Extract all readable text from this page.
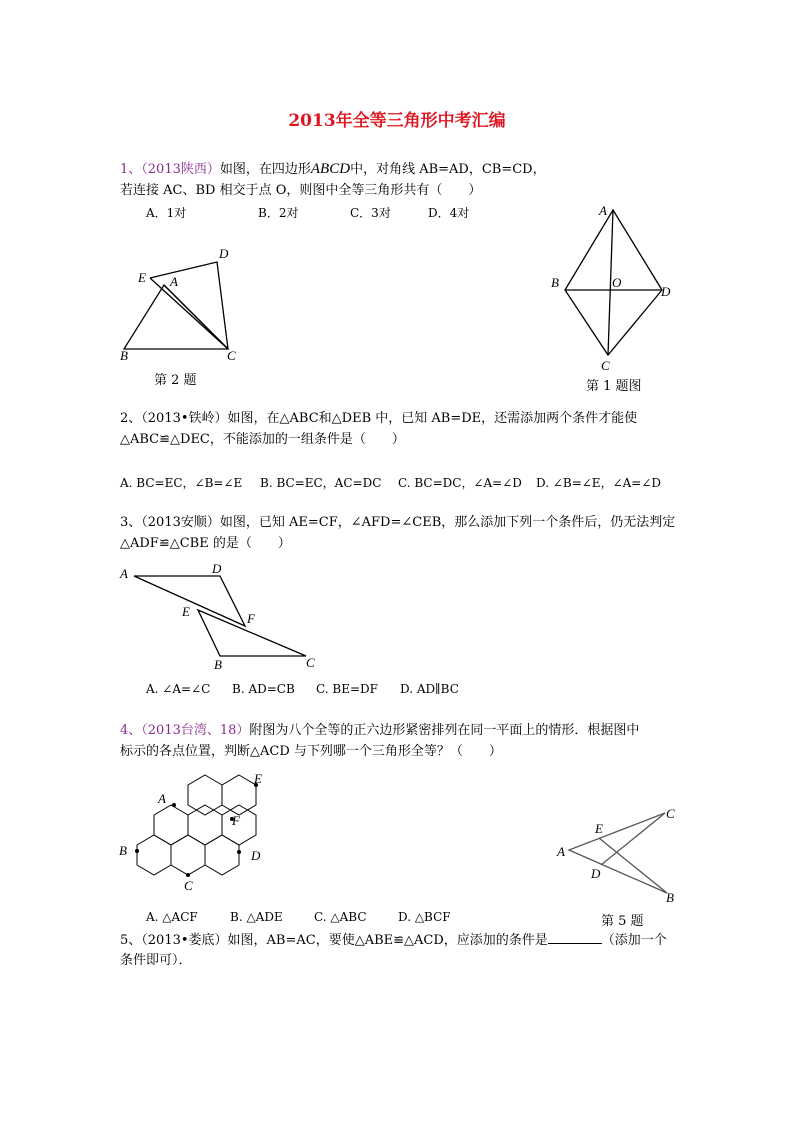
2013年全等三角形中考汇编
1、（2013陕西）如图，在四边形ABCD中，对角线 AB=AD，CB=CD，
若连接 AC、BD 相交于点 O，则图中全等三角形共有（　　）
A．1对	B．2对	C．3对	D．4对
D
E A
B	C
第 2 题
A
B	O
D
C
第 1 题图
2、（2013•铁岭）如图，在△ABC和△DEB 中，已知 AB=DE，还需添加两个条件才能使
△ABC≌△DEC，不能添加的一组条件是（　　）
A. BC=EC，∠B=∠E B. BC=EC，AC=DC C. BC=DC，∠A=∠D D. ∠B=∠E，∠A=∠D
3、（2013安顺）如图，已知 AE=CF，∠AFD=∠CEB，那么添加下列一个条件后，仍无法判定
△ADF≌△CBE 的是（　　）
A	D
E	F
B	C
A. ∠A=∠C B. AD=CB C. BE=DF D. AD∥BC
4、（2013台湾、18）附图为八个全等的正六边形紧密排列在同一平面上的情形．根据图中
标示的各点位置，判断△ACD 与下列哪一个三角形全等？（　　）
E
A
F
B	D
C
C
E
A
D
B
A. △ACF	B. △ADE	C. △ABC	D. △BCF	第 5 题
5、（2013•娄底）如图，AB=AC，要使△ABE≌△ACD，应添加的条件是	（添加一个
条件即可）．
